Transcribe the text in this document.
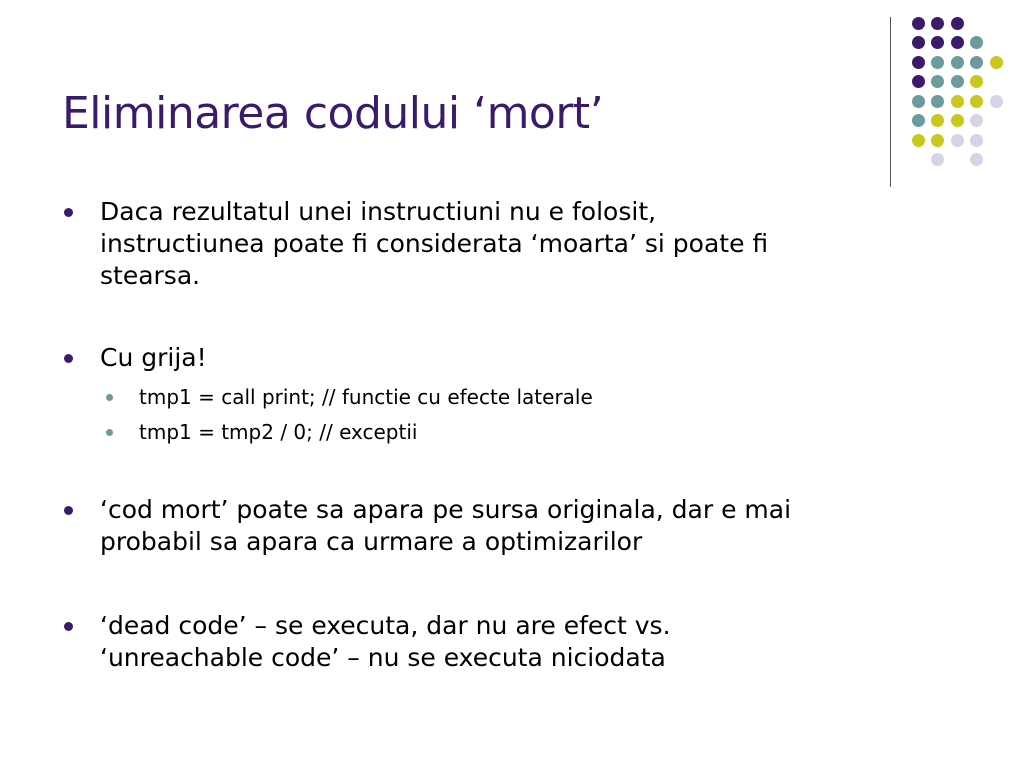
Eliminarea codului ‘mort’
Daca rezultatul unei instructiuni nu e folosit,
instructiunea poate fi considerata ‘moarta’ si poate fi
stearsa.
Cu grija!
tmp1 = call print; // functie cu efecte laterale
tmp1 = tmp2 / 0; // exceptii
‘cod mort’ poate sa apara pe sursa originala, dar e mai
probabil sa apara ca urmare a optimizarilor
‘dead code’ – se executa, dar nu are efect vs.
‘unreachable code’ – nu se executa niciodata
